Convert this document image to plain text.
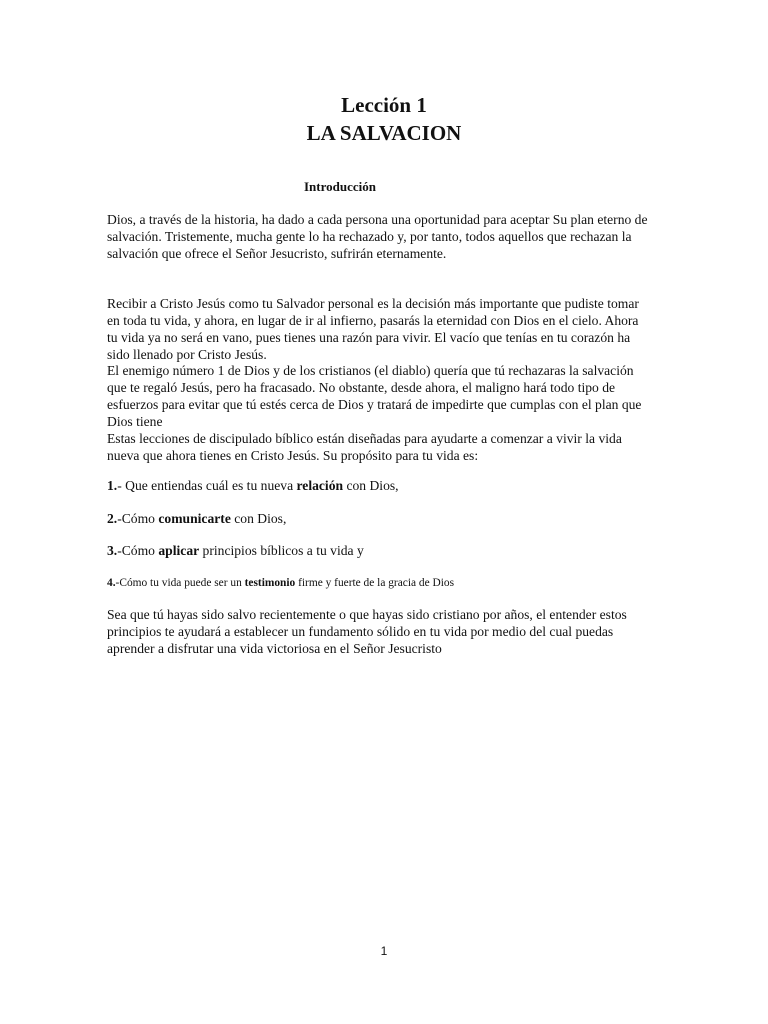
Lección 1
LA SALVACION
Introducción

Dios, a través de la historia, ha dado a cada persona una oportunidad para aceptar Su plan eterno de
salvación. Tristemente, mucha gente lo ha rechazado y, por tanto, todos aquellos que rechazan la
salvación que ofrece el Señor Jesucristo, sufrirán eternamente.

Recibir a Cristo Jesús como tu Salvador personal es la decisión más importante que pudiste tomar
en toda tu vida, y ahora, en lugar de ir al infierno, pasarás la eternidad con Dios en el cielo. Ahora
tu vida ya no será en vano, pues tienes una razón para vivir. El vacío que tenías en tu corazón ha
sido llenado por Cristo Jesús.

El enemigo número 1 de Dios y de los cristianos (el diablo) quería que tú rechazaras la salvación
que te regaló Jesús, pero ha fracasado. No obstante, desde ahora, el maligno hará todo tipo de
esfuerzos para evitar que tú estés cerca de Dios y tratará de impedirte que cumplas con el plan que
Dios tiene
Estas lecciones de discipulado bíblico están diseñadas para ayudarte a comenzar a vivir la vida
nueva que ahora tienes en Cristo Jesús. Su propósito para tu vida es:

1.- Que entiendas cuál es tu nueva relación con Dios,
2.-Cómo comunicarte con Dios,
3.-Cómo aplicar principios bíblicos a tu vida y
4.-Cómo tu vida puede ser un testimonio firme y fuerte de la gracia de Dios

Sea que tú hayas sido salvo recientemente o que hayas sido cristiano por años, el entender estos
principios te ayudará a establecer un fundamento sólido en tu vida por medio del cual puedas
aprender a disfrutar una vida victoriosa en el Señor Jesucristo

1
